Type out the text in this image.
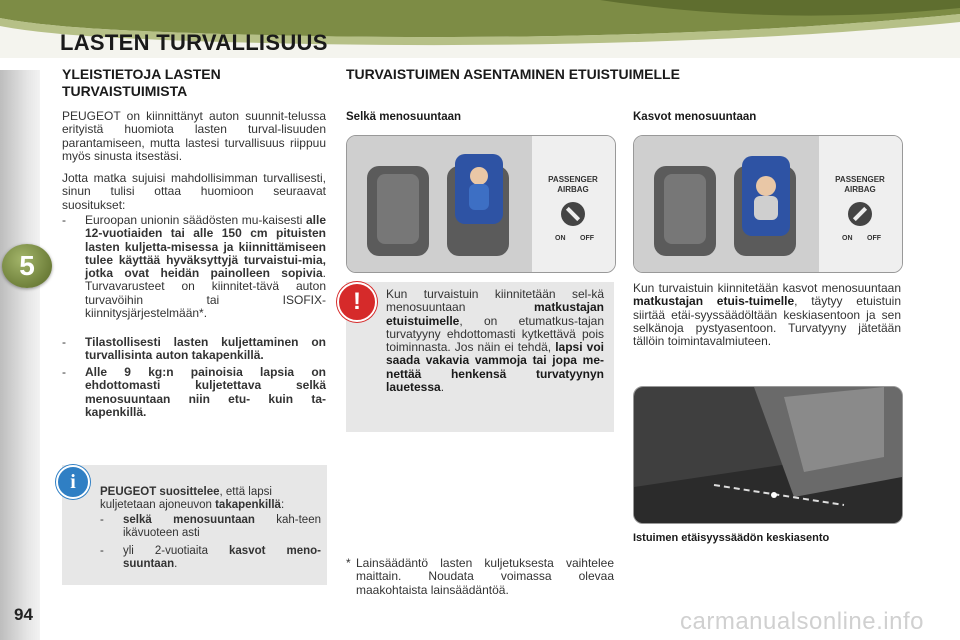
5
94
LASTEN TURVALLISUUS
YLEISTIETOJA LASTEN
TURVAISTUIMISTA
PEUGEOT on kiinnittänyt auton suunnit-telussa erityistä huomiota lasten turval-lisuuden parantamiseen, mutta lastesi turvallisuus riippuu myös sinusta itsestäsi.
Jotta matka sujuisi mahdollisimman turvallisesti, sinun tulisi ottaa huomioon seuraavat suositukset:
- Euroopan unionin säädösten mu-kaisesti alle 12-vuotiaiden tai alle 150 cm pituisten lasten kuljetta-misessa ja kiinnittämiseen tulee käyttää hyväksyttyjä turvaistui-mia, jotka ovat heidän painolleen sopivia. Turvavarusteet on kiinnitet-tävä auton turvavöihin tai ISOFIX-kiinnitysjärjestelmään*.
- Tilastollisesti lasten kuljettaminen on turvallisinta auton takapenkillä.
- Alle 9 kg:n painoisia lapsia on ehdottomasti kuljetettava selkä menosuuntaan niin etu- kuin ta-kapenkillä.
i	PEUGEOT suosittelee, että lapsi kuljetetaan ajoneuvon takapenkillä:
- selkä menosuuntaan kah-teen ikävuoteen asti
- yli 2-vuotiaita kasvot meno-suuntaan.
TURVAISTUIMEN ASENTAMINEN ETUISTUIMELLE
Selkä menosuuntaan	Kasvot menosuuntaan
PASSENGER
AIRBAG
ON OFF
PASSENGER
AIRBAG
ON OFF
!	Kun turvaistuin kiinnitetään sel-kä menosuuntaan matkustajan etuistuimelle, on etumatkus-tajan turvatyyny ehdottomasti kytkettävä pois toiminnasta. Jos näin ei tehdä, lapsi voi saada vakavia vammoja tai jopa me-nettää henkensä turvatyynyn lauetessa.
Kun turvaistuin kiinnitetään kasvot menosuuntaan matkustajan etuis-tuimelle, täytyy etuistuin siirtää etäi-syyssäädöltään keskiasentoon ja sen selkänoja pystyasentoon. Turvatyyny jätetään tällöin toimintavalmiuteen.
Istuimen etäisyyssäädön keskiasento
* Lainsäädäntö lasten kuljetuksesta vaihtelee maittain. Noudata voimassa olevaa maakohtaista lainsäädäntöä.
carmanualsonline.info
